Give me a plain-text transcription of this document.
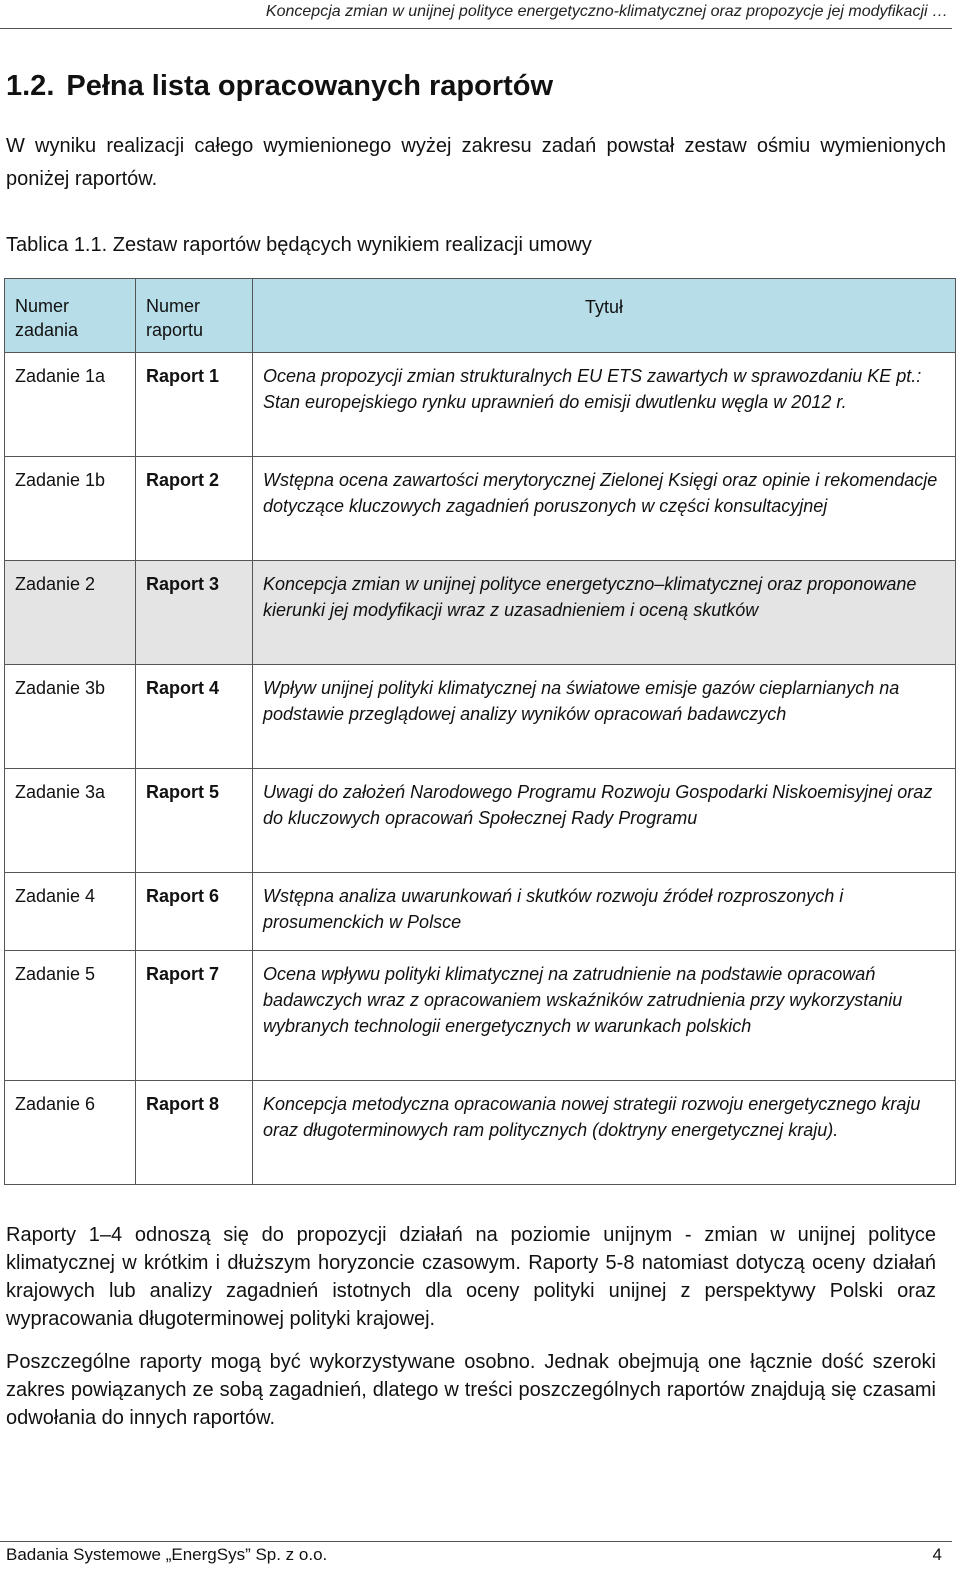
Koncepcja zmian w unijnej polityce energetyczno-klimatycznej oraz propozycje jej modyfikacji …
1.2. Pełna lista opracowanych raportów

W wyniku realizacji całego wymienionego wyżej zakresu zadań powstał zestaw ośmiu wymienionych poniżej raportów.

Tablica 1.1. Zestaw raportów będących wynikiem realizacji umowy

Numer zadania	Numer raportu	Tytuł
Zadanie 1a	Raport 1	Ocena propozycji zmian strukturalnych EU ETS zawartych w sprawozdaniu KE pt.: Stan europejskiego rynku uprawnień do emisji dwutlenku węgla w 2012 r.
Zadanie 1b	Raport 2	Wstępna ocena zawartości merytorycznej Zielonej Księgi oraz opinie i rekomendacje dotyczące kluczowych zagadnień poruszonych w części konsultacyjnej
Zadanie 2	Raport 3	Koncepcja zmian w unijnej polityce energetyczno–klimatycznej oraz proponowane kierunki jej modyfikacji wraz z uzasadnieniem i oceną skutków
Zadanie 3b	Raport 4	Wpływ unijnej polityki klimatycznej na światowe emisje gazów cieplarnianych na podstawie przeglądowej analizy wyników opracowań badawczych
Zadanie 3a	Raport 5	Uwagi do założeń Narodowego Programu Rozwoju Gospodarki Niskoemisyjnej oraz do kluczowych opracowań Społecznej Rady Programu
Zadanie 4	Raport 6	Wstępna analiza uwarunkowań i skutków rozwoju źródeł rozproszonych i prosumenckich w Polsce
Zadanie 5	Raport 7	Ocena wpływu polityki klimatycznej na zatrudnienie na podstawie opracowań badawczych wraz z opracowaniem wskaźników zatrudnienia przy wykorzystaniu wybranych technologii energetycznych w warunkach polskich
Zadanie 6	Raport 8	Koncepcja metodyczna opracowania nowej strategii rozwoju energetycznego kraju oraz długoterminowych ram politycznych (doktryny energetycznej kraju).

Raporty 1–4 odnoszą się do propozycji działań na poziomie unijnym - zmian w unijnej polityce klimatycznej w krótkim i dłuższym horyzoncie czasowym. Raporty 5-8 natomiast dotyczą oceny działań krajowych lub analizy zagadnień istotnych dla oceny polityki unijnej z perspektywy Polski oraz wypracowania długoterminowej polityki krajowej.

Poszczególne raporty mogą być wykorzystywane osobno. Jednak obejmują one łącznie dość szeroki zakres powiązanych ze sobą zagadnień, dlatego w treści poszczególnych raportów znajdują się czasami odwołania do innych raportów.

Badania Systemowe „EnergSys” Sp. z o.o.	4
